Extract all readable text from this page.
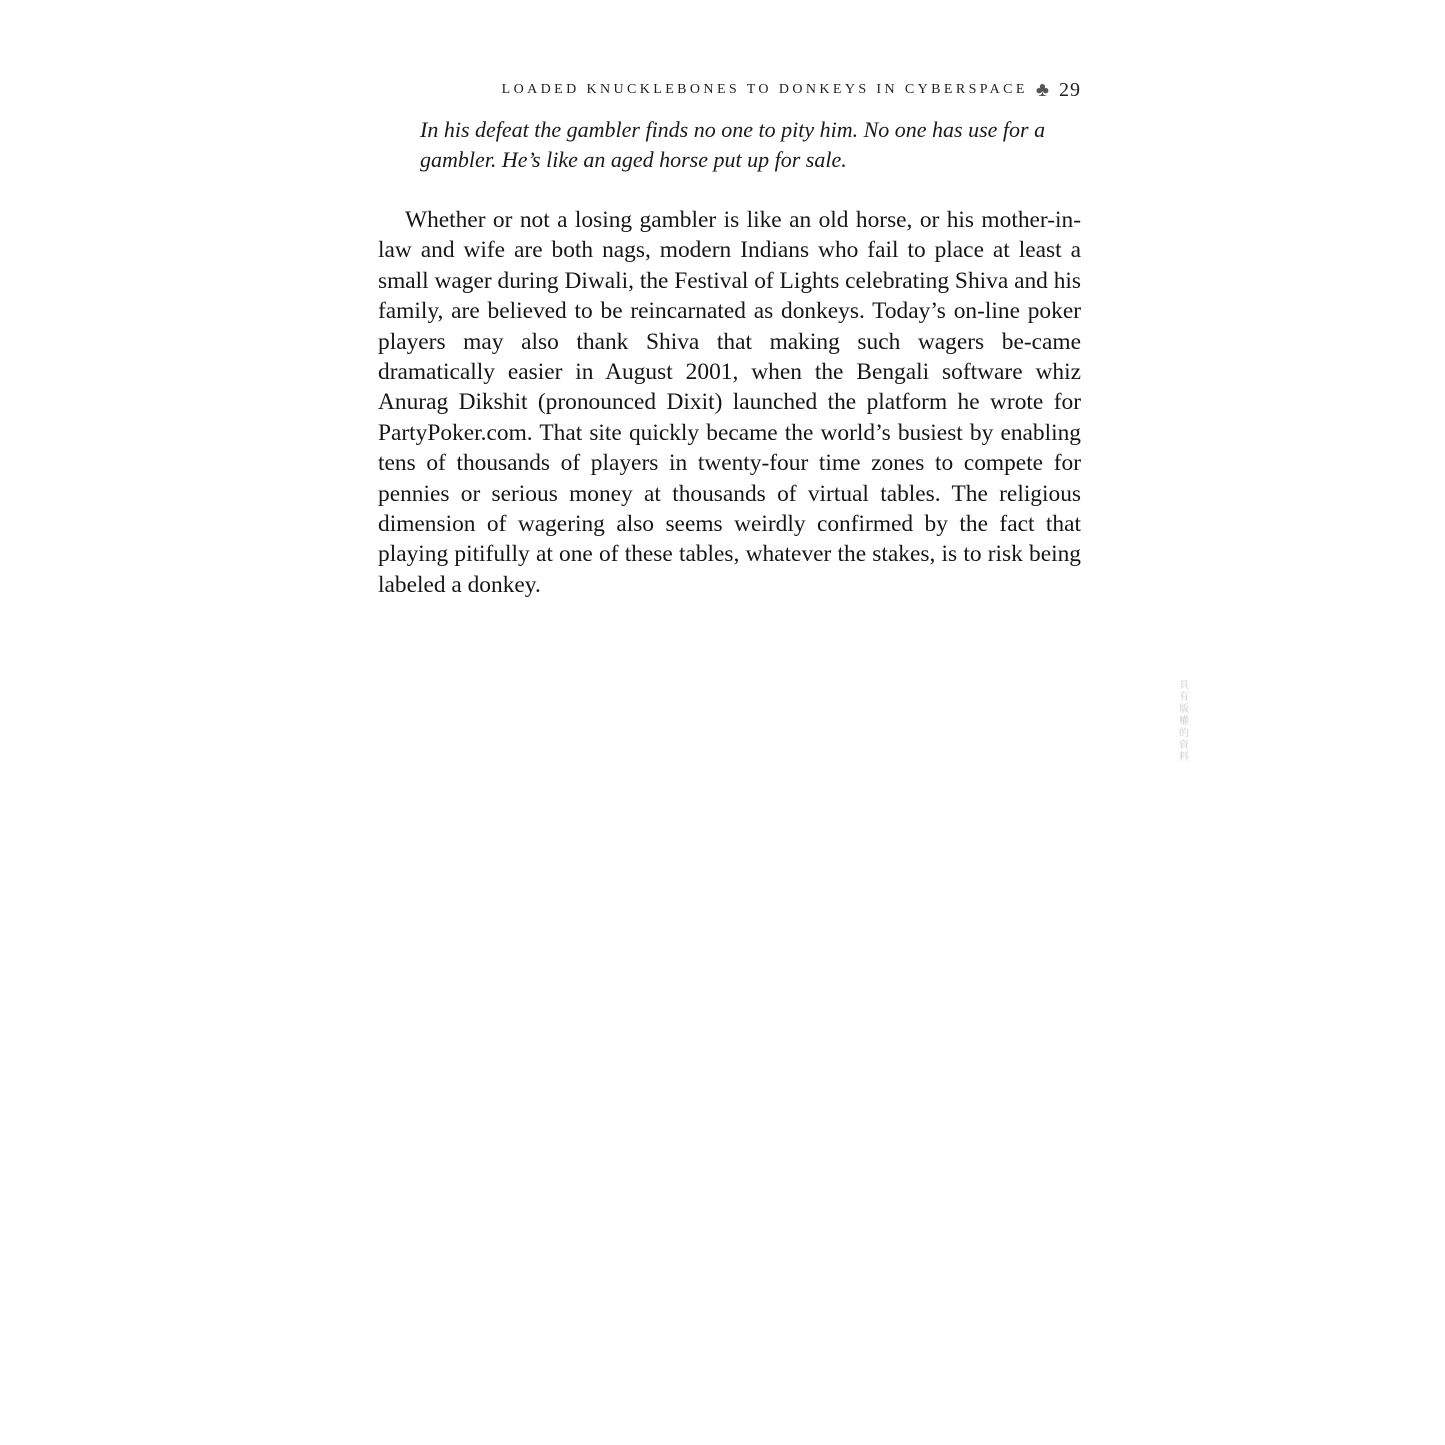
LOADED KNUCKLEBONES TO DONKEYS IN CYBERSPACE ♣ 29

In his defeat the gambler finds no one to pity him. No one has use for a gambler. He’s like an aged horse put up for sale.

Whether or not a losing gambler is like an old horse, or his mother-in-law and wife are both nags, modern Indians who fail to place at least a small wager during Diwali, the Festival of Lights celebrating Shiva and his family, are believed to be reincarnated as donkeys. Today’s on-line poker players may also thank Shiva that making such wagers be-came dramatically easier in August 2001, when the Bengali software whiz Anurag Dikshit (pronounced Dixit) launched the platform he wrote for PartyPoker.com. That site quickly became the world’s busiest by enabling tens of thousands of players in twenty-four time zones to compete for pennies or serious money at thousands of virtual tables. The religious dimension of wagering also seems weirdly confirmed by the fact that playing pitifully at one of these tables, whatever the stakes, is to risk being labeled a donkey.

具有版權的資料
